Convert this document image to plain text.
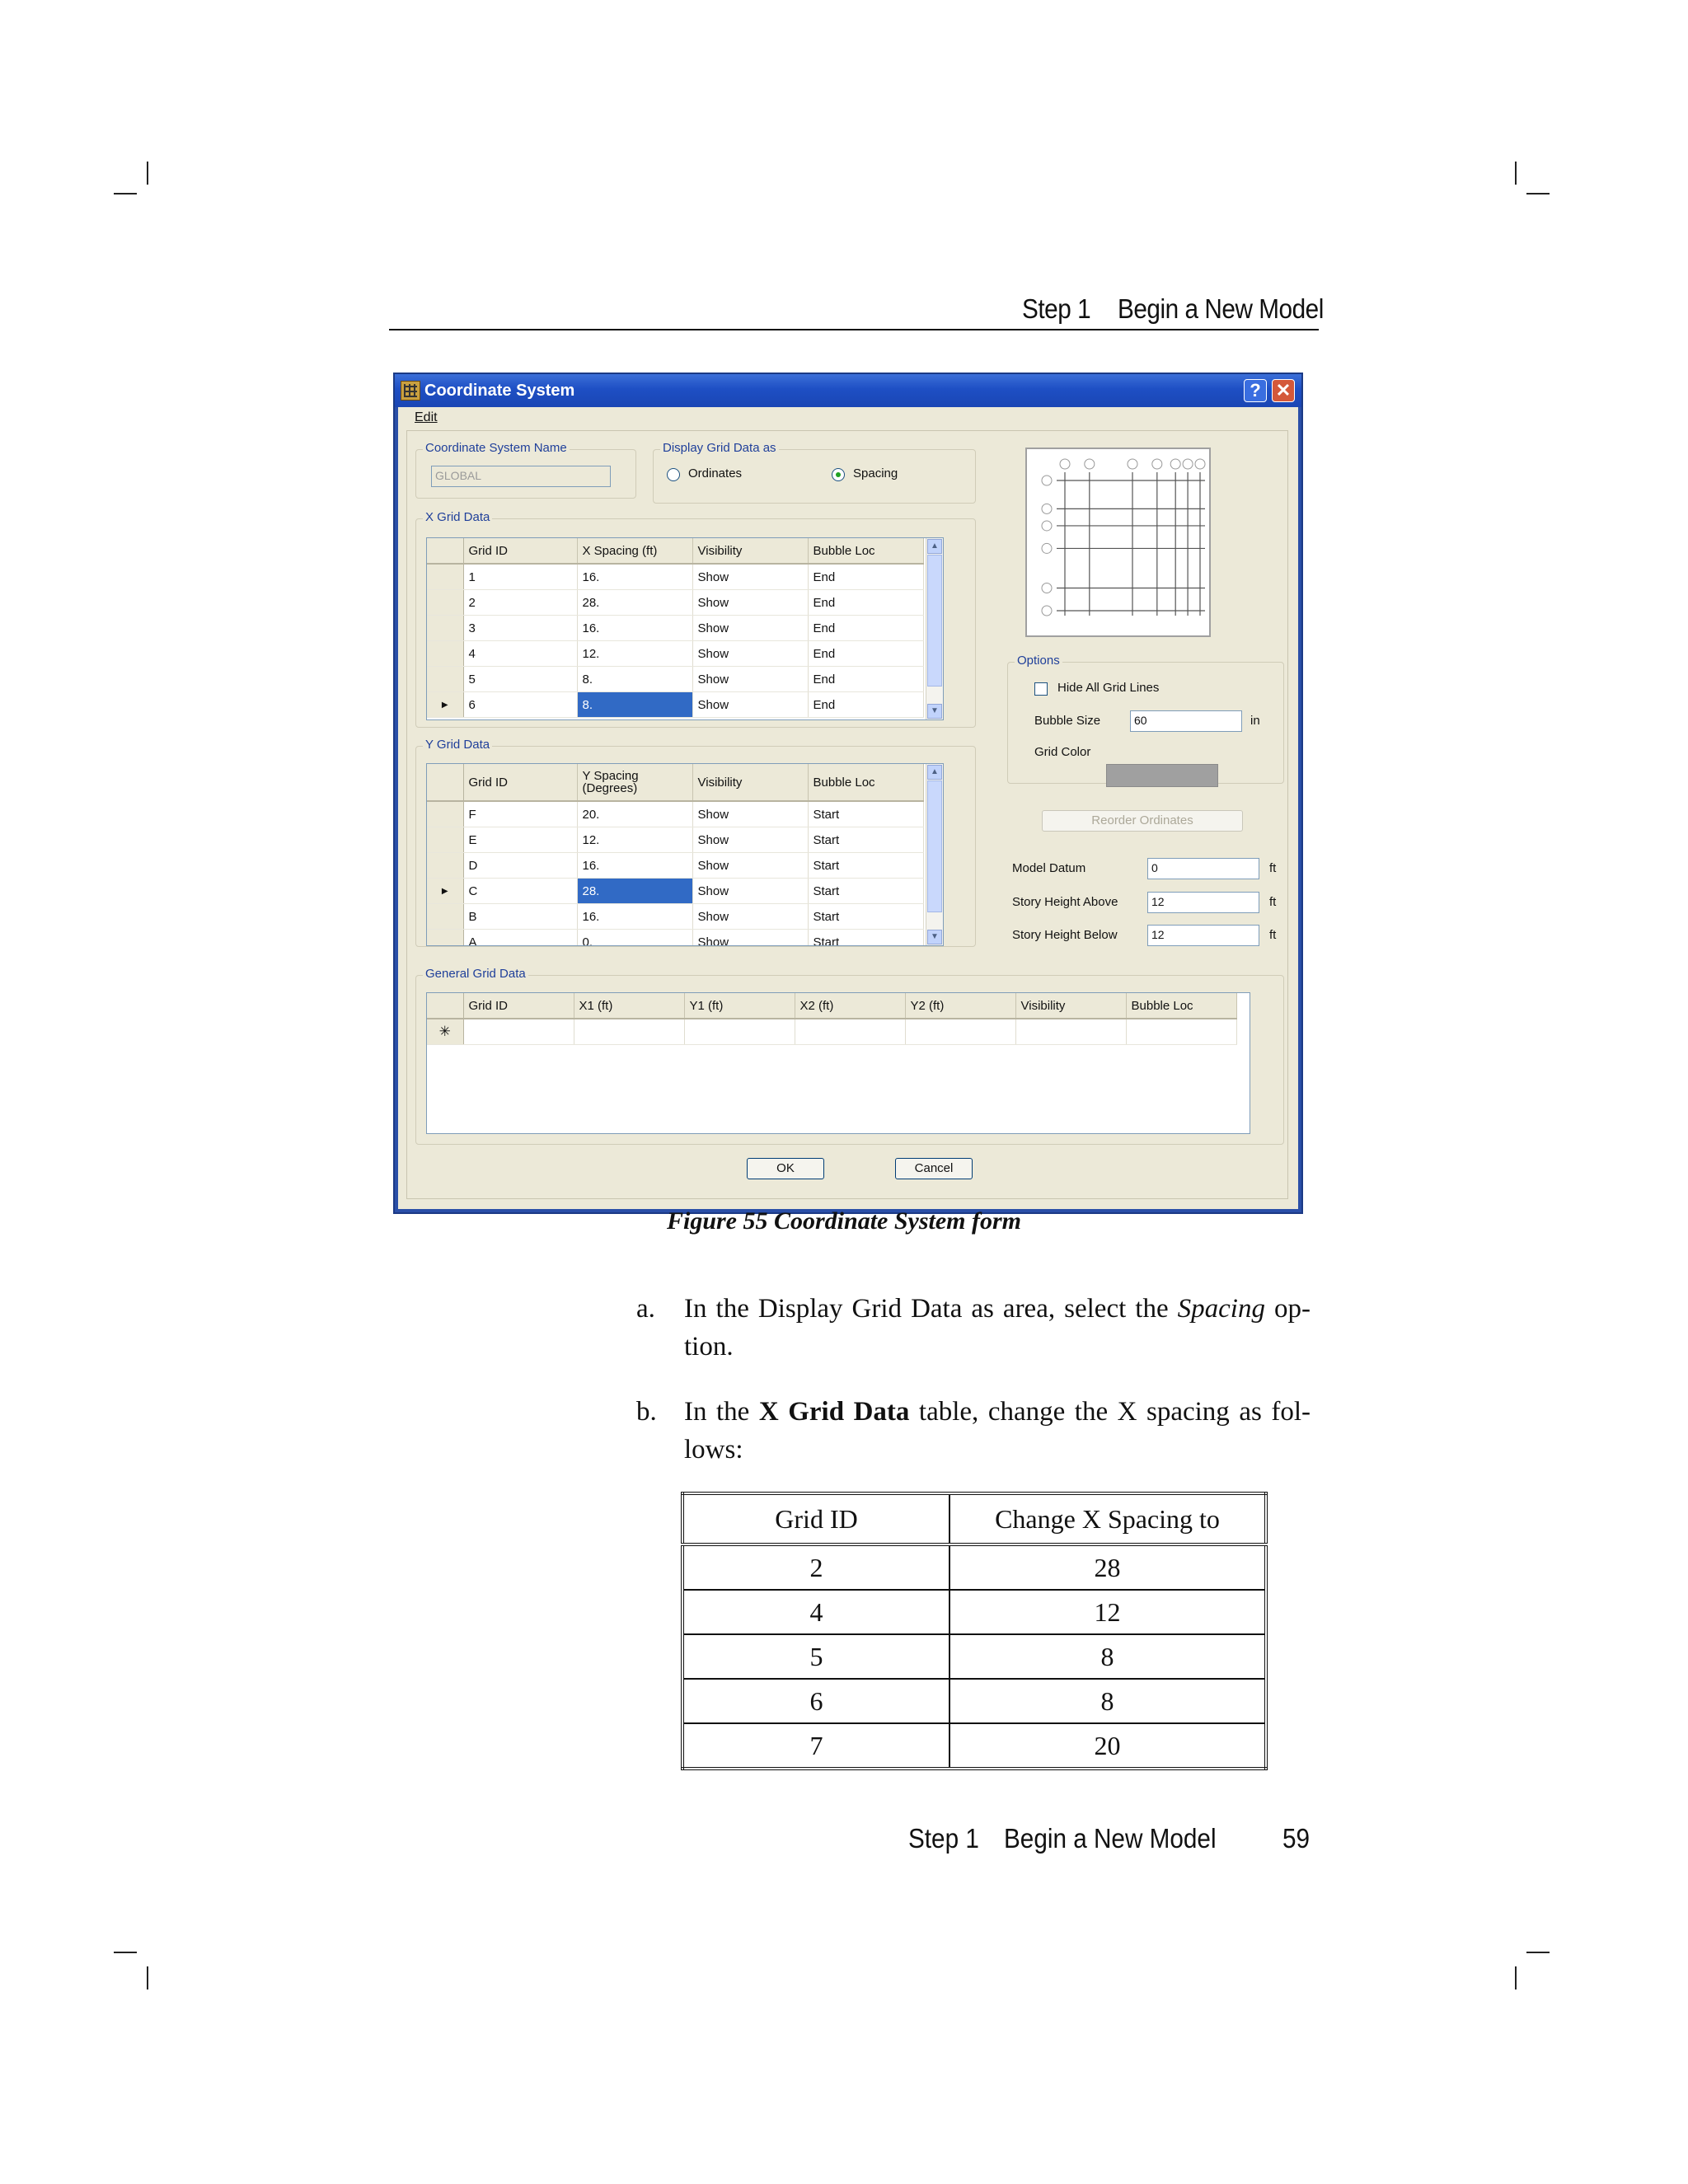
Step 1 Begin a New Model
Coordinate System	? ✕
Edit
Coordinate System Name
GLOBAL
Display Grid Data as
Ordinates	Spacing
X Grid Data
	Grid ID	X Spacing (ft)	Visibility	Bubble Loc
	1	16.	Show	End
	2	28.	Show	End
	3	16.	Show	End
	4	12.	Show	End
	5	8.	Show	End
▶	6	8.	Show	End
▲
▼
Y Grid Data
	Grid ID	Y Spacing (Degrees)	Visibility	Bubble Loc
	F	20.	Show	Start
	E	12.	Show	Start
	D	16.	Show	Start
▶	C	28.	Show	Start
	B	16.	Show	Start
	A	0.	Show	Start
▲
▼
Options
Hide All Grid Lines
Bubble Size	60	in
Grid Color
Reorder Ordinates
Model Datum	0	ft
Story Height Above	12	ft
Story Height Below	12	ft
General Grid Data
	Grid ID	X1 (ft)	Y1 (ft)	X2 (ft)	Y2 (ft)	Visibility	Bubble Loc
✳							
OK	Cancel
Figure 55 Coordinate System form
a. In the Display Grid Data as area, select the Spacing op-
tion.
b. In the X Grid Data table, change the X spacing as fol-
lows:
Grid ID	Change X Spacing to
2	28
4	12
5	8
6	8
7	20
Step 1 Begin a New Model 59
